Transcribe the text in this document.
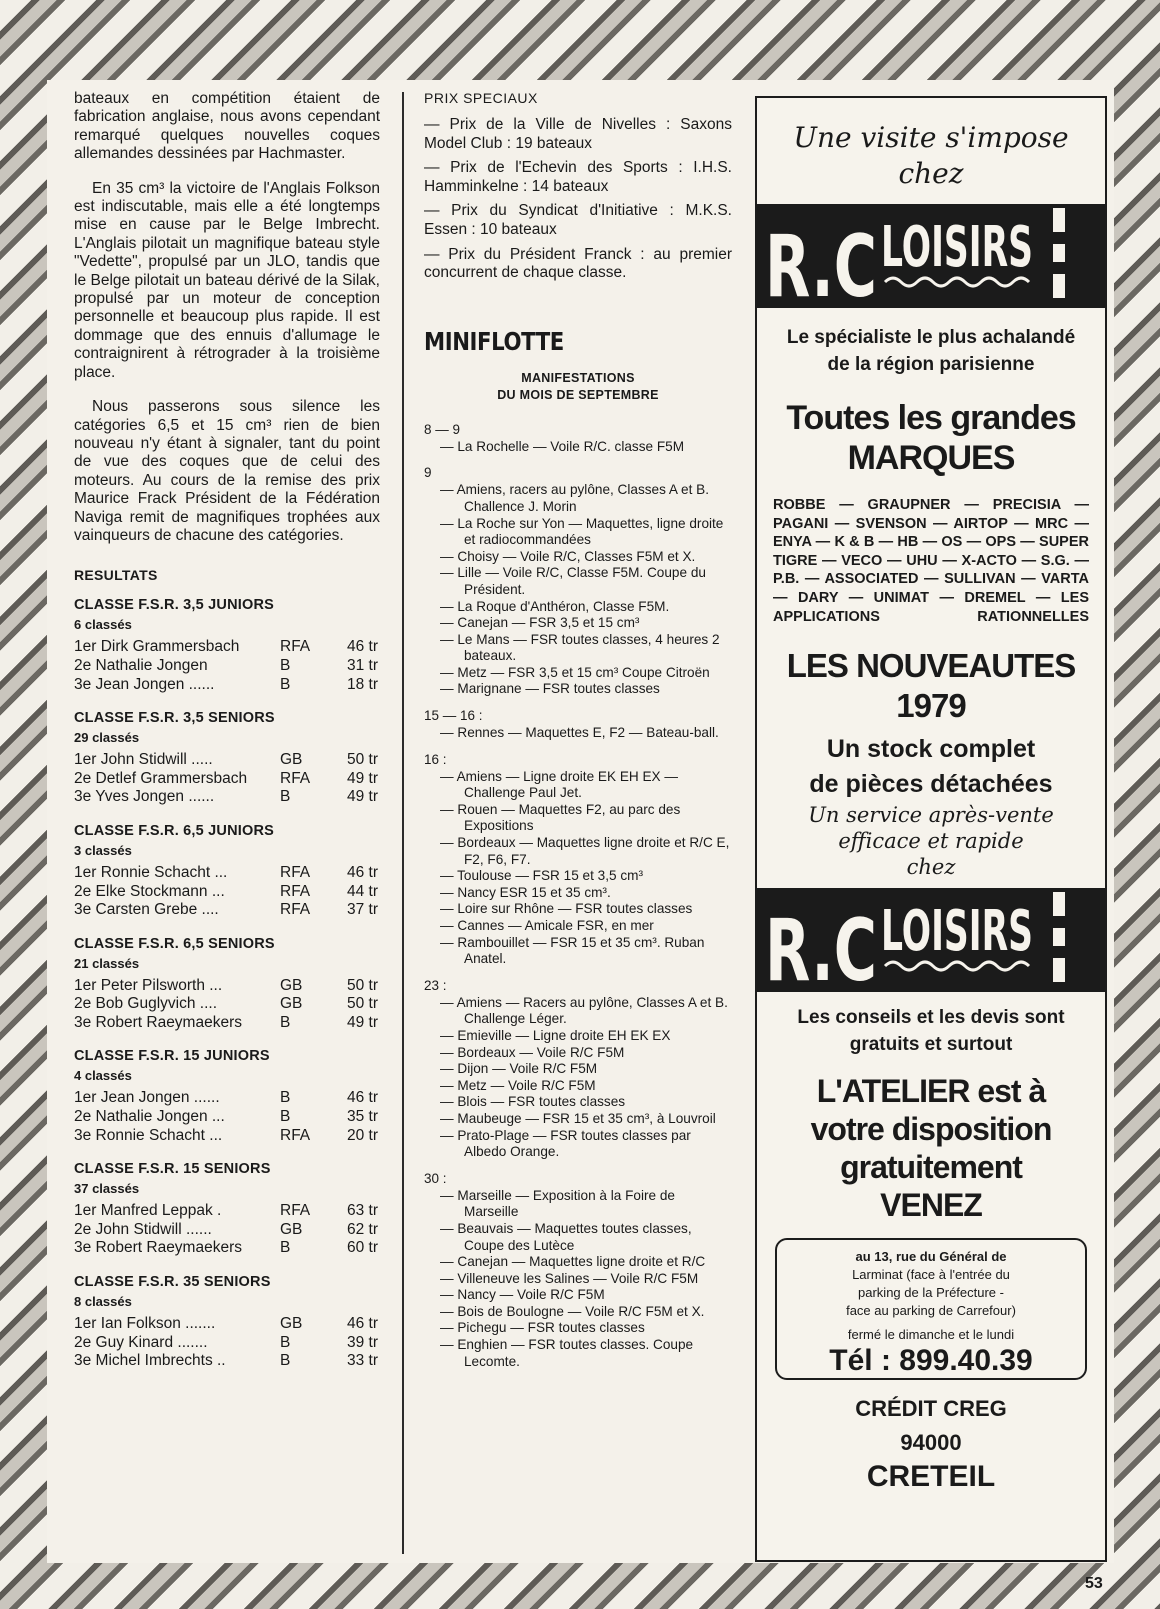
bateaux en compétition étaient de fabrication anglaise, nous avons cependant remarqué quelques nouvelles coques allemandes dessinées par Hachmaster.

En 35 cm³ la victoire de l'Anglais Folkson est indiscutable, mais elle a été longtemps mise en cause par le Belge Imbrecht. L'Anglais pilotait un magnifique bateau style "Vedette", propulsé par un JLO, tandis que le Belge pilotait un bateau dérivé de la Silak, propulsé par un moteur de conception personnelle et beaucoup plus rapide. Il est dommage que des ennuis d'allumage le contraignirent à rétrograder à la troisième place.

Nous passerons sous silence les catégories 6,5 et 15 cm³ rien de bien nouveau n'y étant à signaler, tant du point de vue des coques que de celui des moteurs. Au cours de la remise des prix Maurice Frack Président de la Fédération Naviga remit de magnifiques trophées aux vainqueurs de chacune des catégories.

RESULTATS
CLASSE F.S.R. 3,5 JUNIORS
6 classés
1er Dirk Grammersbach	RFA	46 tr
2e Nathalie Jongen	B	31 tr
3e Jean Jongen ......	B	18 tr
CLASSE F.S.R. 3,5 SENIORS
29 classés
1er John Stidwill .....	GB	50 tr
2e Detlef Grammersbach	RFA	49 tr
3e Yves Jongen ......	B	49 tr
CLASSE F.S.R. 6,5 JUNIORS
3 classés
1er Ronnie Schacht ...	RFA	46 tr
2e Elke Stockmann ...	RFA	44 tr
3e Carsten Grebe ....	RFA	37 tr
CLASSE F.S.R. 6,5 SENIORS
21 classés
1er Peter Pilsworth ...	GB	50 tr
2e Bob Guglyvich ....	GB	50 tr
3e Robert Raeymaekers	B	49 tr
CLASSE F.S.R. 15 JUNIORS
4 classés
1er Jean Jongen ......	B	46 tr
2e Nathalie Jongen ...	B	35 tr
3e Ronnie Schacht ...	RFA	20 tr
CLASSE F.S.R. 15 SENIORS
37 classés
1er Manfred Leppak .	RFA	63 tr
2e John Stidwill ......	GB	62 tr
3e Robert Raeymaekers	B	60 tr
CLASSE F.S.R. 35 SENIORS
8 classés
1er Ian Folkson .......	GB	46 tr
2e Guy Kinard .......	B	39 tr
3e Michel Imbrechts ..	B	33 tr
PRIX SPECIAUX
— Prix de la Ville de Nivelles : Saxons Model Club : 19 bateaux
— Prix de l'Echevin des Sports : I.H.S. Hamminkelne : 14 bateaux
— Prix du Syndicat d'Initiative : M.K.S. Essen : 10 bateaux
— Prix du Président Franck : au premier concurrent de chaque classe.
MINIFLOTTE
MANIFESTATIONS
DU MOIS DE SEPTEMBRE
8 — 9
— La Rochelle — Voile R/C. classe F5M
9
— Amiens, racers au pylône, Classes A et B. Challence J. Morin
— La Roche sur Yon — Maquettes, ligne droite et radiocommandées
— Choisy — Voile R/C, Classes F5M et X.
— Lille — Voile R/C, Classe F5M. Coupe du Président.
— La Roque d'Anthéron, Classe F5M.
— Canejan — FSR 3,5 et 15 cm³
— Le Mans — FSR toutes classes, 4 heures 2 bateaux.
— Metz — FSR 3,5 et 15 cm³ Coupe Citroën
— Marignane — FSR toutes classes
15 — 16 :
— Rennes — Maquettes E, F2 — Bateau-ball.
16 :
— Amiens — Ligne droite EK EH EX — Challenge Paul Jet.
— Rouen — Maquettes F2, au parc des Expositions
— Bordeaux — Maquettes ligne droite et R/C E, F2, F6, F7.
— Toulouse — FSR 15 et 3,5 cm³
— Nancy ESR 15 et 35 cm³.
— Loire sur Rhône — FSR toutes classes
— Cannes — Amicale FSR, en mer
— Rambouillet — FSR 15 et 35 cm³. Ruban Anatel.
23 :
— Amiens — Racers au pylône, Classes A et B. Challenge Léger.
— Emieville — Ligne droite EH EK EX
— Bordeaux — Voile R/C F5M
— Dijon — Voile R/C F5M
— Metz — Voile R/C F5M
— Blois — FSR toutes classes
— Maubeuge — FSR 15 et 35 cm³, à Louvroil
— Prato-Plage — FSR toutes classes par Albedo Orange.
30 :
— Marseille — Exposition à la Foire de Marseille
— Beauvais — Maquettes toutes classes, Coupe des Lutèce
— Canejan — Maquettes ligne droite et R/C
— Villeneuve les Salines — Voile R/C F5M
— Nancy — Voile R/C F5M
— Bois de Boulogne — Voile R/C F5M et X.
— Pichegu — FSR toutes classes
— Enghien — FSR toutes classes. Coupe Lecomte.
Une visite s'impose
chez
R.C LOISIRS
Le spécialiste le plus achalandé
de la région parisienne
Toutes les grandes
MARQUES
ROBBE — GRAUPNER — PRECISIA — PAGANI — SVENSON — AIRTOP — MRC — ENYA — K & B — HB — OS — OPS — SUPER TIGRE — VECO — UHU — X-ACTO — S.G. — P.B. — ASSOCIATED — SULLIVAN — VARTA — DARY — UNIMAT — DREMEL — LES APPLICATIONS RATIONNELLES
LES NOUVEAUTES
1979
Un stock complet
de pièces détachées
Un service après-vente
efficace et rapide
chez
R.C LOISIRS
Les conseils et les devis sont
gratuits et surtout
L'ATELIER est à
votre disposition
gratuitement
VENEZ
au 13, rue du Général de
Larminat (face à l'entrée du
parking de la Préfecture -
face au parking de Carrefour)
fermé le dimanche et le lundi
Tél : 899.40.39
CRÉDIT CREG
94000
CRETEIL
53
